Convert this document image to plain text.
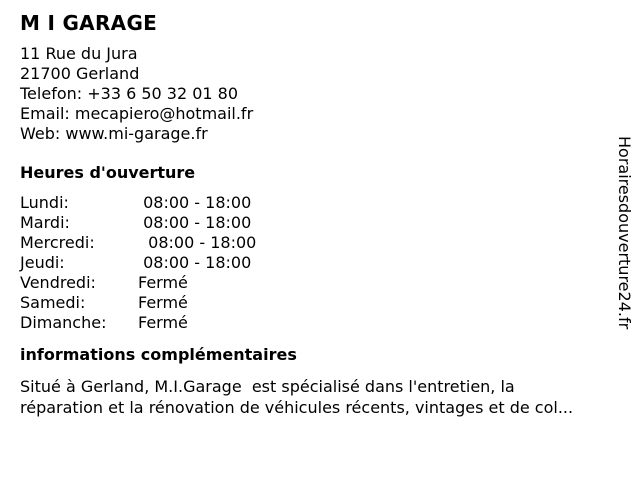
M I GARAGE
11 Rue du Jura
21700 Gerland
Telefon: +33 6 50 32 01 80
Email: mecapiero@hotmail.fr
Web: www.mi-garage.fr
Heures d'ouverture
Lundi:	08:00 - 18:00
Mardi:	08:00 - 18:00
Mercredi:	08:00 - 18:00
Jeudi:	08:00 - 18:00
Vendredi:	Fermé
Samedi:	Fermé
Dimanche:	Fermé
informations complémentaires
Situé à Gerland, M.I.Garage  est spécialisé dans l'entretien, la
réparation et la rénovation de véhicules récents, vintages et de col...
Horairesdouverture24.fr
